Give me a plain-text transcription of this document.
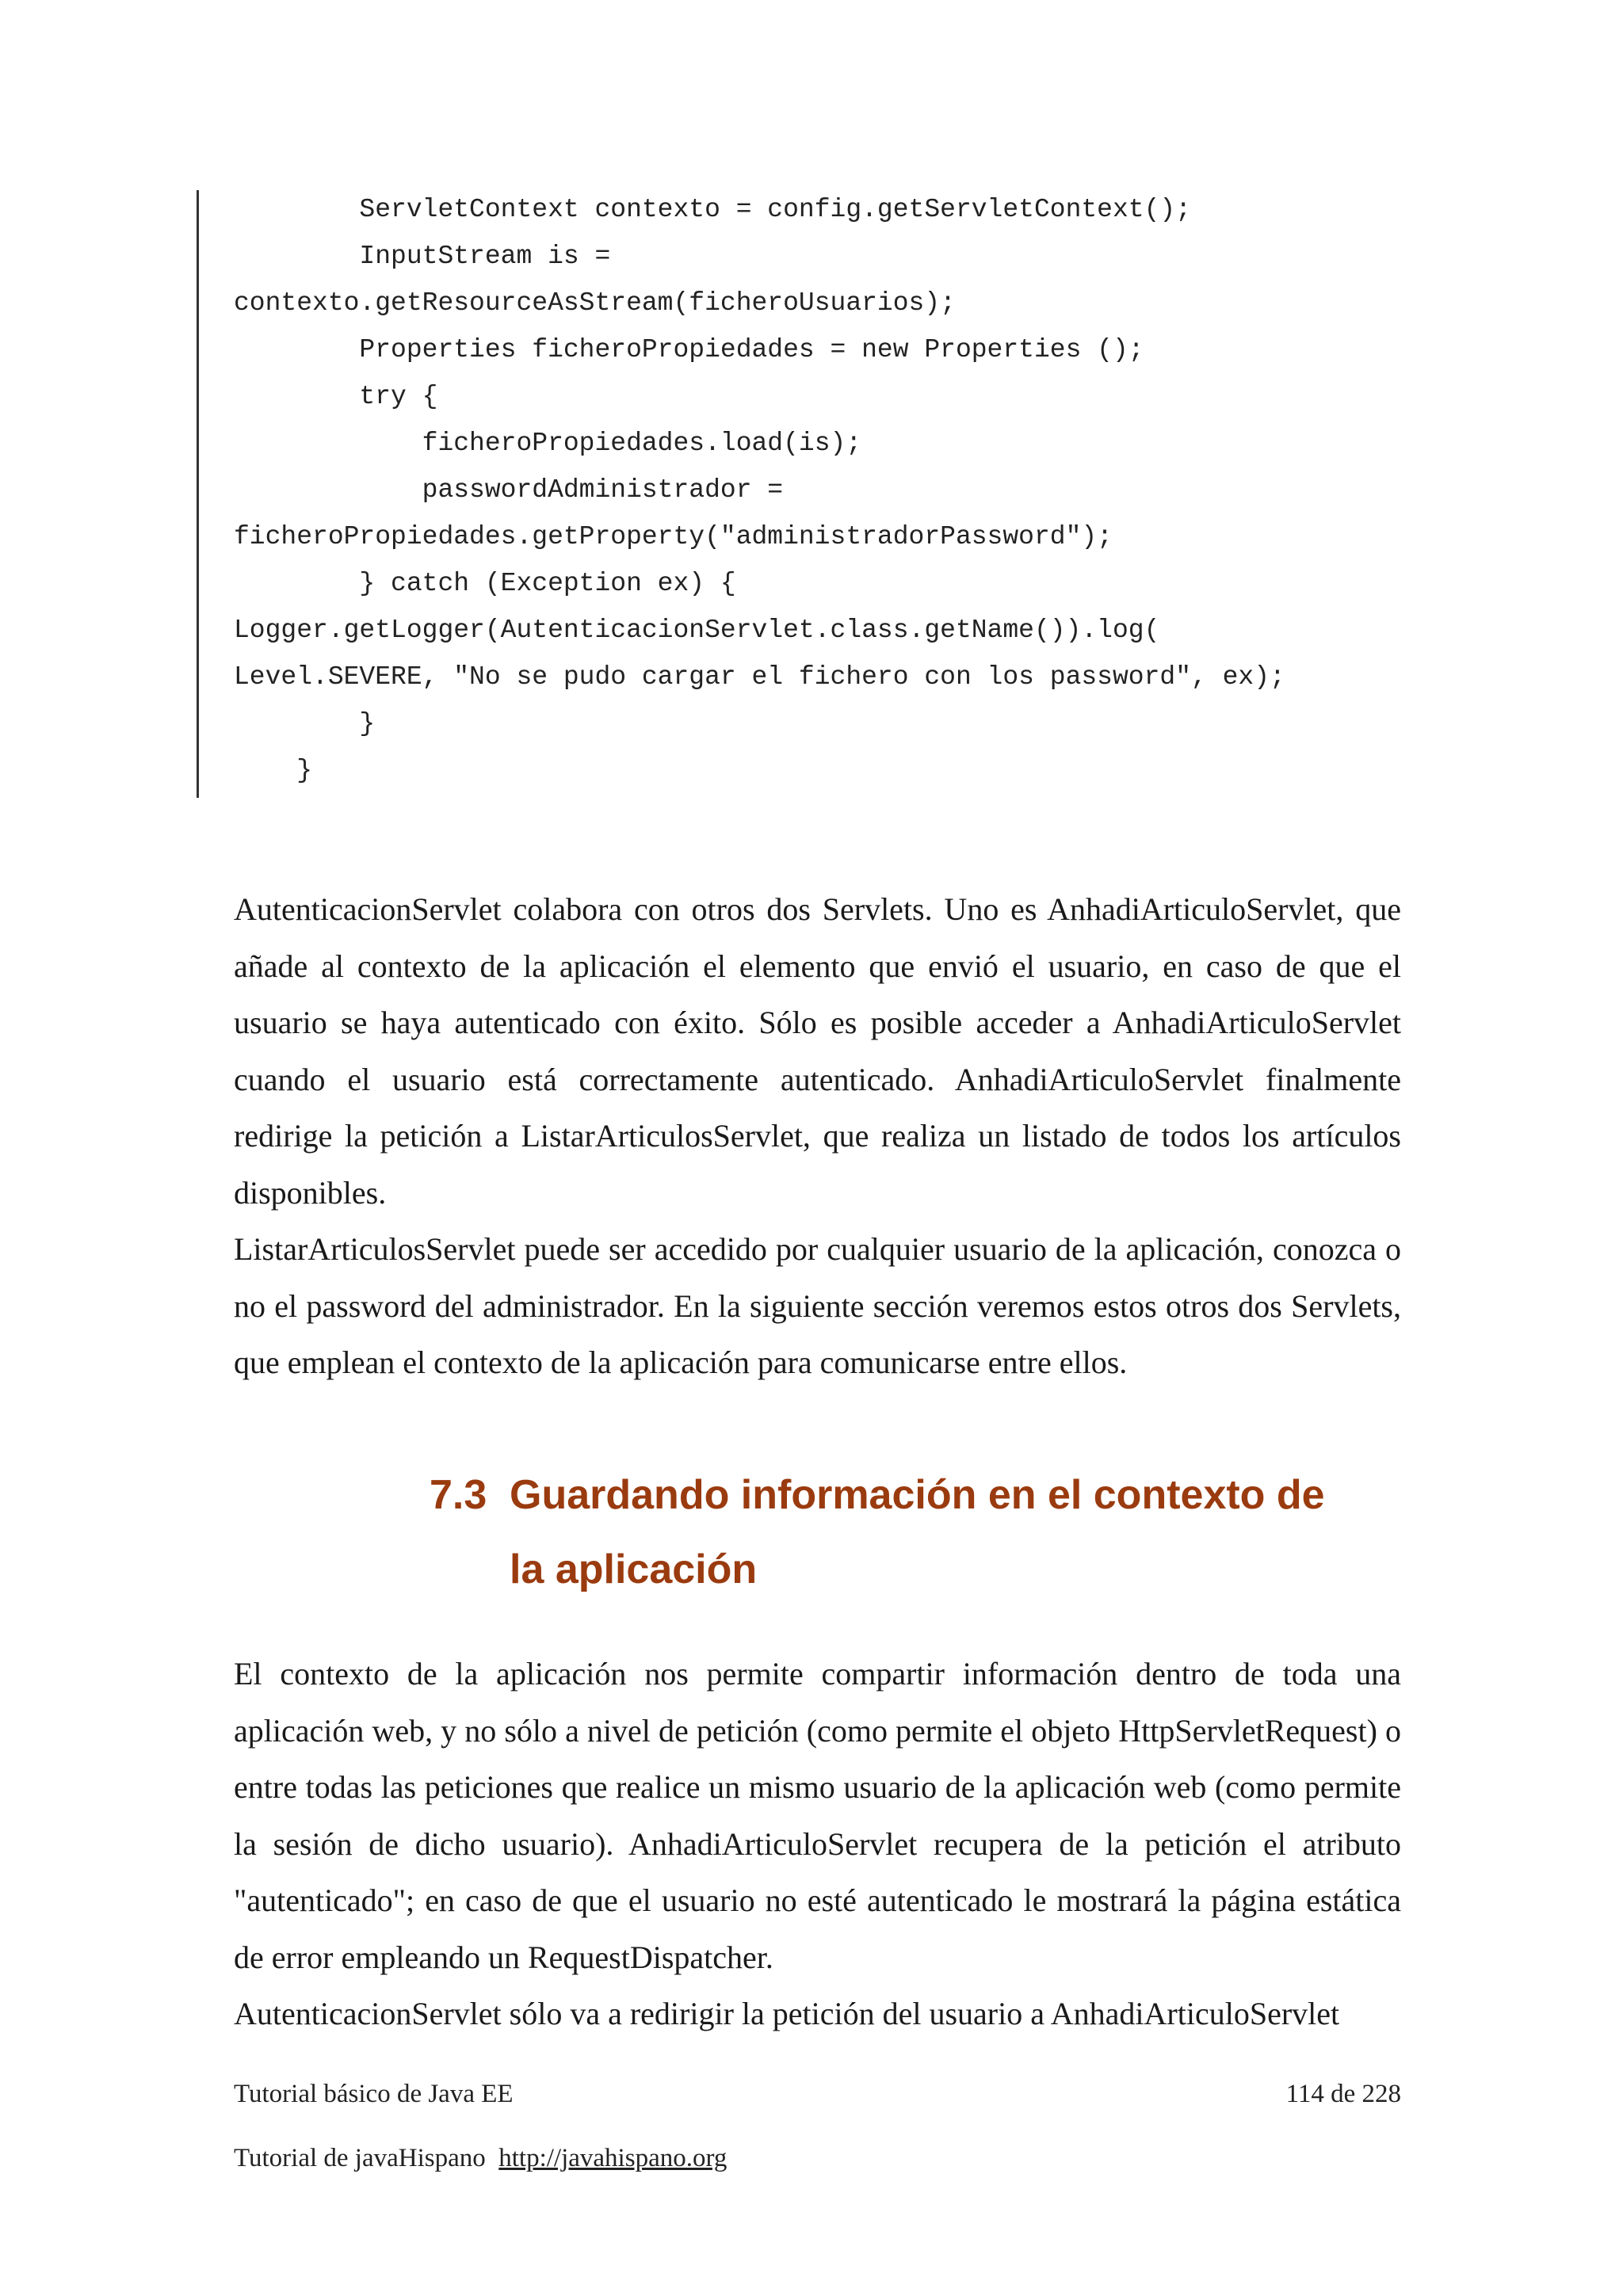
ServletContext contexto = config.getServletContext();
InputStream is =
contexto.getResourceAsStream(ficheroUsuarios);
Properties ficheroPropiedades = new Properties ();
try {
ficheroPropiedades.load(is);
passwordAdministrador =
ficheroPropiedades.getProperty("administradorPassword");
} catch (Exception ex) {
Logger.getLogger(AutenticacionServlet.class.getName()).log(
Level.SEVERE, "No se pudo cargar el fichero con los password", ex);
}
}

AutenticacionServlet colabora con otros dos Servlets. Uno es AnhadiArticuloServlet, que añade al contexto de la aplicación el elemento que envió el usuario, en caso de que el usuario se haya autenticado con éxito. Sólo es posible acceder a AnhadiArticuloServlet cuando el usuario está correctamente autenticado. AnhadiArticuloServlet finalmente redirige la petición a ListarArticulosServlet, que realiza un listado de todos los artículos disponibles.

ListarArticulosServlet puede ser accedido por cualquier usuario de la aplicación, conozca o no el password del administrador. En la siguiente sección veremos estos otros dos Servlets, que emplean el contexto de la aplicación para comunicarse entre ellos.

7.3 Guardando información en el contexto de
la aplicación

El contexto de la aplicación nos permite compartir información dentro de toda una aplicación web, y no sólo a nivel de petición (como permite el objeto HttpServletRequest) o entre todas las peticiones que realice un mismo usuario de la aplicación web (como permite la sesión de dicho usuario). AnhadiArticuloServlet recupera de la petición el atributo "autenticado"; en caso de que el usuario no esté autenticado le mostrará la página estática de error empleando un RequestDispatcher.

AutenticacionServlet sólo va a redirigir la petición del usuario a AnhadiArticuloServlet

Tutorial básico de Java EE	114 de 228
Tutorial de javaHispano http://javahispano.org
